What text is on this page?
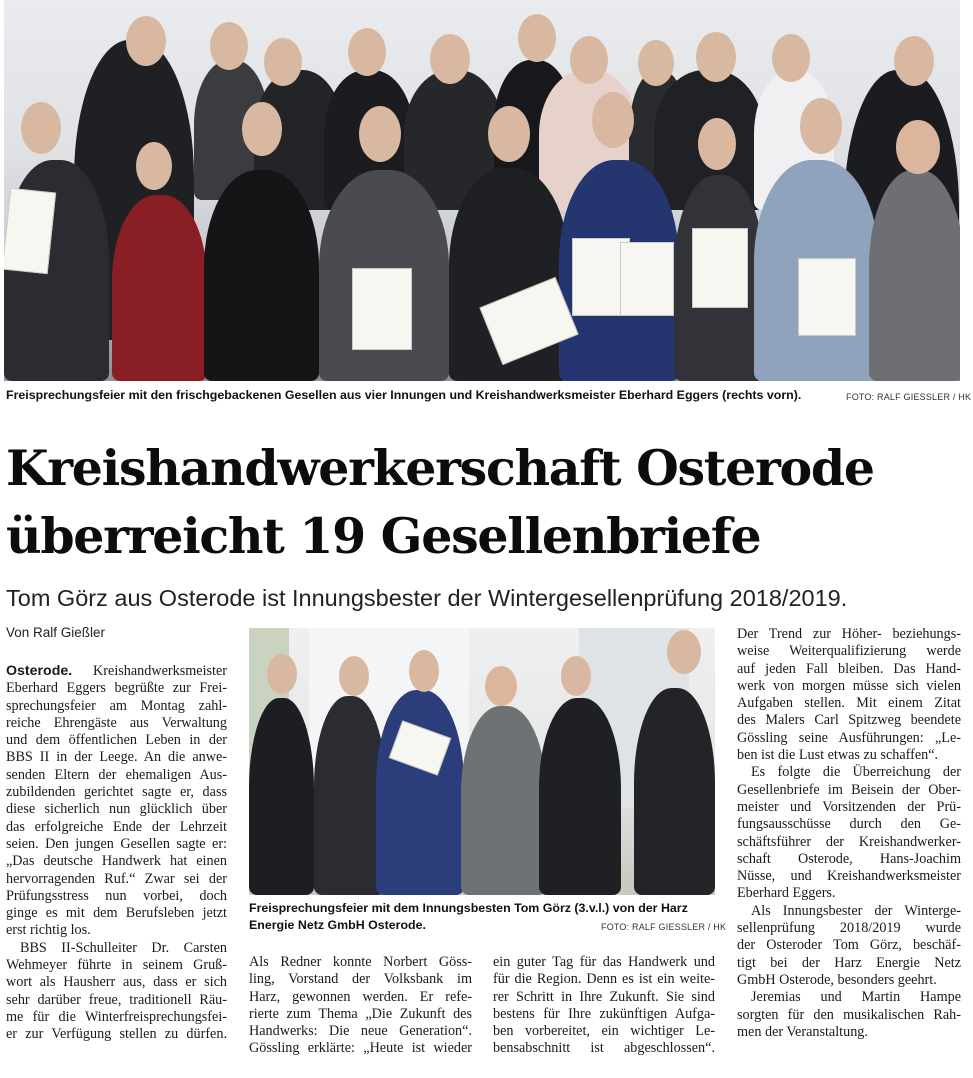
Freisprechungsfeier mit den frischgebackenen Gesellen aus vier Innungen und Kreishandwerksmeister Eberhard Eggers (rechts vorn).	FOTO: RALF GIESSLER / HK
Kreishandwerkerschaft Osterode
überreicht 19 Gesellenbriefe
Tom Görz aus Osterode ist Innungsbester der Wintergesellenprüfung 2018/2019.
Von Ralf Gießler
Freisprechungsfeier mit dem Innungsbesten Tom Görz (3.v.l.) von der Harz
Energie Netz GmbH Osterode.	FOTO: RALF GIESSLER / HK
Osterode. Kreishandwerksmeister
Eberhard Eggers begrüßte zur Frei-
sprechungsfeier am Montag zahl-
reiche Ehrengäste aus Verwaltung
und dem öffentlichen Leben in der
BBS II in der Leege. An die anwe-
senden Eltern der ehemaligen Aus-
zubildenden gerichtet sagte er, dass
diese sicherlich nun glücklich über
das erfolgreiche Ende der Lehrzeit
seien. Den jungen Gesellen sagte er:
„Das deutsche Handwerk hat einen
hervorragenden Ruf.“ Zwar sei der
Prüfungsstress nun vorbei, doch
ginge es mit dem Berufsleben jetzt
erst richtig los.
BBS II-Schulleiter Dr. Carsten
Wehmeyer führte in seinem Gruß-
wort als Hausherr aus, dass er sich
sehr darüber freue, traditionell Räu-
me für die Winterfreisprechungsfei-
er zur Verfügung stellen zu dürfen.
Als Redner konnte Norbert Göss-
ling, Vorstand der Volksbank im
Harz, gewonnen werden. Er refe-
rierte zum Thema „Die Zukunft des
Handwerks: Die neue Generation“.
Gössling erklärte: „Heute ist wieder
ein guter Tag für das Handwerk und
für die Region. Denn es ist ein weite-
rer Schritt in Ihre Zukunft. Sie sind
bestens für Ihre zukünftigen Aufga-
ben vorbereitet, ein wichtiger Le-
bensabschnitt ist abgeschlossen“.
Der Trend zur Höher- beziehungs-
weise Weiterqualifizierung werde
auf jeden Fall bleiben. Das Hand-
werk von morgen müsse sich vielen
Aufgaben stellen. Mit einem Zitat
des Malers Carl Spitzweg beendete
Gössling seine Ausführungen: „Le-
ben ist die Lust etwas zu schaffen“.
Es folgte die Überreichung der
Gesellenbriefe im Beisein der Ober-
meister und Vorsitzenden der Prü-
fungsausschüsse durch den Ge-
schäftsführer der Kreishandwerker-
schaft Osterode, Hans-Joachim
Nüsse, und Kreishandwerksmeister
Eberhard Eggers.
Als Innungsbester der Winterge-
sellenprüfung 2018/2019 wurde
der Osteroder Tom Görz, beschäf-
tigt bei der Harz Energie Netz
GmbH Osterode, besonders geehrt.
Jeremias und Martin Hampe
sorgten für den musikalischen Rah-
men der Veranstaltung.
